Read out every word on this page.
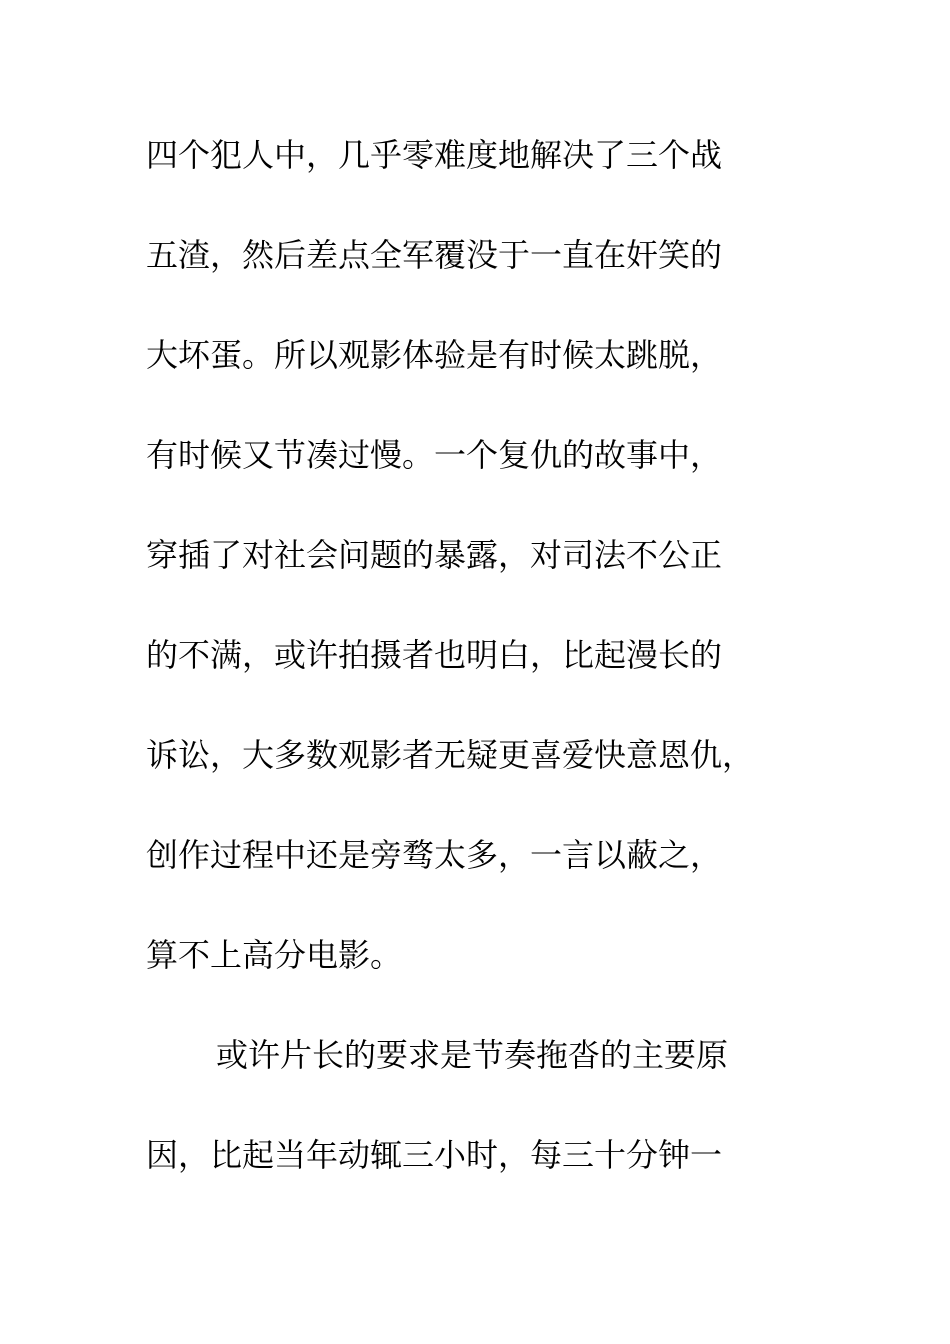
四个犯人中，几乎零难度地解决了三个战
五渣，然后差点全军覆没于一直在奸笑的
大坏蛋。所以观影体验是有时候太跳脱，
有时候又节凑过慢。一个复仇的故事中，
穿插了对社会问题的暴露，对司法不公正
的不满，或许拍摄者也明白，比起漫长的
诉讼，大多数观影者无疑更喜爱快意恩仇，
创作过程中还是旁骛太多，一言以蔽之，
算不上高分电影。
或许片长的要求是节奏拖沓的主要原
因，比起当年动辄三小时，每三十分钟一
